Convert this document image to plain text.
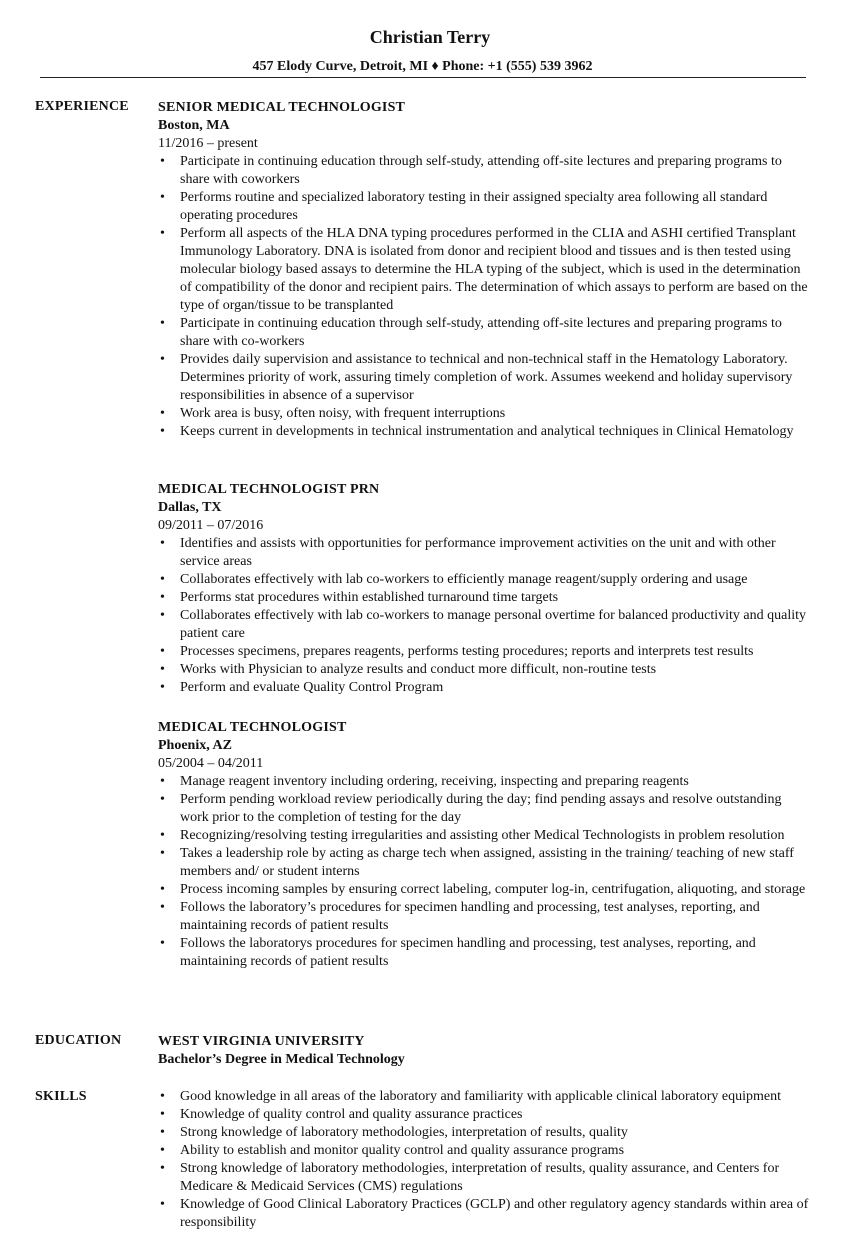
Christian Terry
457 Elody Curve, Detroit, MI ♦ Phone: +1 (555) 539 3962
EXPERIENCE SENIOR MEDICAL TECHNOLOGIST
Boston, MA
11/2016 – present
• Participate in continuing education through self-study, attending off-site lectures and preparing programs to share with coworkers
• Performs routine and specialized laboratory testing in their assigned specialty area following all standard operating procedures
• Perform all aspects of the HLA DNA typing procedures performed in the CLIA and ASHI certified Transplant Immunology Laboratory. DNA is isolated from donor and recipient blood and tissues and is then tested using molecular biology based assays to determine the HLA typing of the subject, which is used in the determination of compatibility of the donor and recipient pairs. The determination of which assays to perform are based on the type of organ/tissue to be transplanted
• Participate in continuing education through self-study, attending off-site lectures and preparing programs to share with co-workers
• Provides daily supervision and assistance to technical and non-technical staff in the Hematology Laboratory. Determines priority of work, assuring timely completion of work. Assumes weekend and holiday supervisory responsibilities in absence of a supervisor
• Work area is busy, often noisy, with frequent interruptions
• Keeps current in developments in technical instrumentation and analytical techniques in Clinical Hematology
MEDICAL TECHNOLOGIST PRN
Dallas, TX
09/2011 – 07/2016
• Identifies and assists with opportunities for performance improvement activities on the unit and with other service areas
• Collaborates effectively with lab co-workers to efficiently manage reagent/supply ordering and usage
• Performs stat procedures within established turnaround time targets
• Collaborates effectively with lab co-workers to manage personal overtime for balanced productivity and quality patient care
• Processes specimens, prepares reagents, performs testing procedures; reports and interprets test results
• Works with Physician to analyze results and conduct more difficult, non-routine tests
• Perform and evaluate Quality Control Program
MEDICAL TECHNOLOGIST
Phoenix, AZ
05/2004 – 04/2011
• Manage reagent inventory including ordering, receiving, inspecting and preparing reagents
• Perform pending workload review periodically during the day; find pending assays and resolve outstanding work prior to the completion of testing for the day
• Recognizing/resolving testing irregularities and assisting other Medical Technologists in problem resolution
• Takes a leadership role by acting as charge tech when assigned, assisting in the training/ teaching of new staff members and/ or student interns
• Process incoming samples by ensuring correct labeling, computer log-in, centrifugation, aliquoting, and storage
• Follows the laboratory’s procedures for specimen handling and processing, test analyses, reporting, and maintaining records of patient results
• Follows the laboratorys procedures for specimen handling and processing, test analyses, reporting, and maintaining records of patient results
EDUCATION	WEST VIRGINIA UNIVERSITY
Bachelor’s Degree in Medical Technology
SKILLS
•	Good knowledge in all areas of the laboratory and familiarity with applicable clinical laboratory equipment
• Knowledge of quality control and quality assurance practices
• Strong knowledge of laboratory methodologies, interpretation of results, quality
• Ability to establish and monitor quality control and quality assurance programs
• Strong knowledge of laboratory methodologies, interpretation of results, quality assurance, and Centers for Medicare & Medicaid Services (CMS) regulations
• Knowledge of Good Clinical Laboratory Practices (GCLP) and other regulatory agency standards within area of responsibility
